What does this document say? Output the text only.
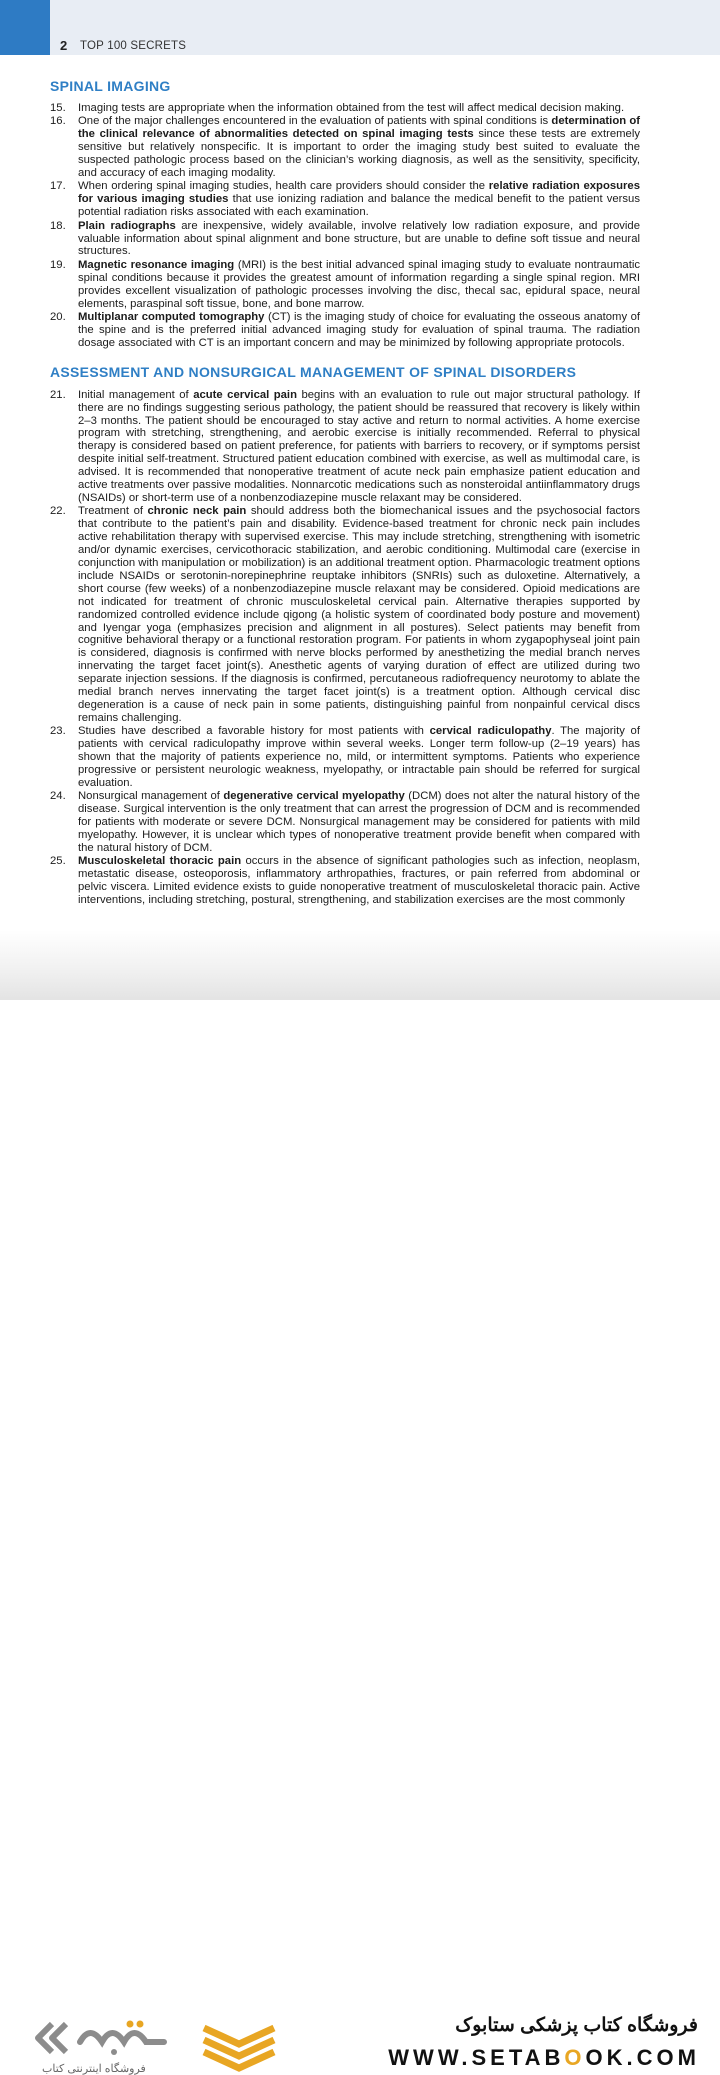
2 TOP 100 SECRETS
SPINAL IMAGING
15. Imaging tests are appropriate when the information obtained from the test will affect medical decision making.
16. One of the major challenges encountered in the evaluation of patients with spinal conditions is determination of the clinical relevance of abnormalities detected on spinal imaging tests since these tests are extremely sensitive but relatively nonspecific. It is important to order the imaging study best suited to evaluate the suspected pathologic process based on the clinician’s working diagnosis, as well as the sensitivity, specificity, and accuracy of each imaging modality.
17. When ordering spinal imaging studies, health care providers should consider the relative radiation exposures for various imaging studies that use ionizing radiation and balance the medical benefit to the patient versus potential radiation risks associated with each examination.
18. Plain radiographs are inexpensive, widely available, involve relatively low radiation exposure, and provide valuable information about spinal alignment and bone structure, but are unable to define soft tissue and neural structures.
19. Magnetic resonance imaging (MRI) is the best initial advanced spinal imaging study to evaluate nontraumatic spinal conditions because it provides the greatest amount of information regarding a single spinal region. MRI provides excellent visualization of pathologic processes involving the disc, thecal sac, epidural space, neural elements, paraspinal soft tissue, bone, and bone marrow.
20. Multiplanar computed tomography (CT) is the imaging study of choice for evaluating the osseous anatomy of the spine and is the preferred initial advanced imaging study for evaluation of spinal trauma. The radiation dosage associated with CT is an important concern and may be minimized by following appropriate protocols.
ASSESSMENT AND NONSURGICAL MANAGEMENT OF SPINAL DISORDERS
21. Initial management of acute cervical pain begins with an evaluation to rule out major structural pathology. If there are no findings suggesting serious pathology, the patient should be reassured that recovery is likely within 2–3 months. The patient should be encouraged to stay active and return to normal activities. A home exercise program with stretching, strengthening, and aerobic exercise is initially recommended. Referral to physical therapy is considered based on patient preference, for patients with barriers to recovery, or if symptoms persist despite initial self-treatment. Structured patient education combined with exercise, as well as multimodal care, is advised. It is recommended that nonoperative treatment of acute neck pain emphasize patient education and active treatments over passive modalities. Nonnarcotic medications such as nonsteroidal antiinflammatory drugs (NSAIDs) or short-term use of a nonbenzodiazepine muscle relaxant may be considered.
22. Treatment of chronic neck pain should address both the biomechanical issues and the psychosocial factors that contribute to the patient’s pain and disability. Evidence-based treatment for chronic neck pain includes active rehabilitation therapy with supervised exercise. This may include stretching, strengthening with isometric and/or dynamic exercises, cervicothoracic stabilization, and aerobic conditioning. Multimodal care (exercise in conjunction with manipulation or mobilization) is an additional treatment option. Pharmacologic treatment options include NSAIDs or serotonin-norepinephrine reuptake inhibitors (SNRIs) such as duloxetine. Alternatively, a short course (few weeks) of a nonbenzodiazepine muscle relaxant may be considered. Opioid medications are not indicated for treatment of chronic musculoskeletal cervical pain. Alternative therapies supported by randomized controlled evidence include qigong (a holistic system of coordinated body posture and movement) and Iyengar yoga (emphasizes precision and alignment in all postures). Select patients may benefit from cognitive behavioral therapy or a functional restoration program. For patients in whom zygapophyseal joint pain is considered, diagnosis is confirmed with nerve blocks performed by anesthetizing the medial branch nerves innervating the target facet joint(s). Anesthetic agents of varying duration of effect are utilized during two separate injection sessions. If the diagnosis is confirmed, percutaneous radiofrequency neurotomy to ablate the medial branch nerves innervating the target facet joint(s) is a treatment option. Although cervical disc degeneration is a cause of neck pain in some patients, distinguishing painful from nonpainful cervical discs remains challenging.
23. Studies have described a favorable history for most patients with cervical radiculopathy. The majority of patients with cervical radiculopathy improve within several weeks. Longer term follow-up (2–19 years) has shown that the majority of patients experience no, mild, or intermittent symptoms. Patients who experience progressive or persistent neurologic weakness, myelopathy, or intractable pain should be referred for surgical evaluation.
24. Nonsurgical management of degenerative cervical myelopathy (DCM) does not alter the natural history of the disease. Surgical intervention is the only treatment that can arrest the progression of DCM and is recommended for patients with moderate or severe DCM. Nonsurgical management may be considered for patients with mild myelopathy. However, it is unclear which types of nonoperative treatment provide benefit when compared with the natural history of DCM.
25. Musculoskeletal thoracic pain occurs in the absence of significant pathologies such as infection, neoplasm, metastatic disease, osteoporosis, inflammatory arthropathies, fractures, or pain referred from abdominal or pelvic viscera. Limited evidence exists to guide nonoperative treatment of musculoskeletal thoracic pain. Active interventions, including stretching, postural, strengthening, and stabilization exercises are the most commonly
فروشگاه اینترنتی کتاب
فروشگاه کتاب پزشکی ستابوک
WWW.SETABOOK.COM
